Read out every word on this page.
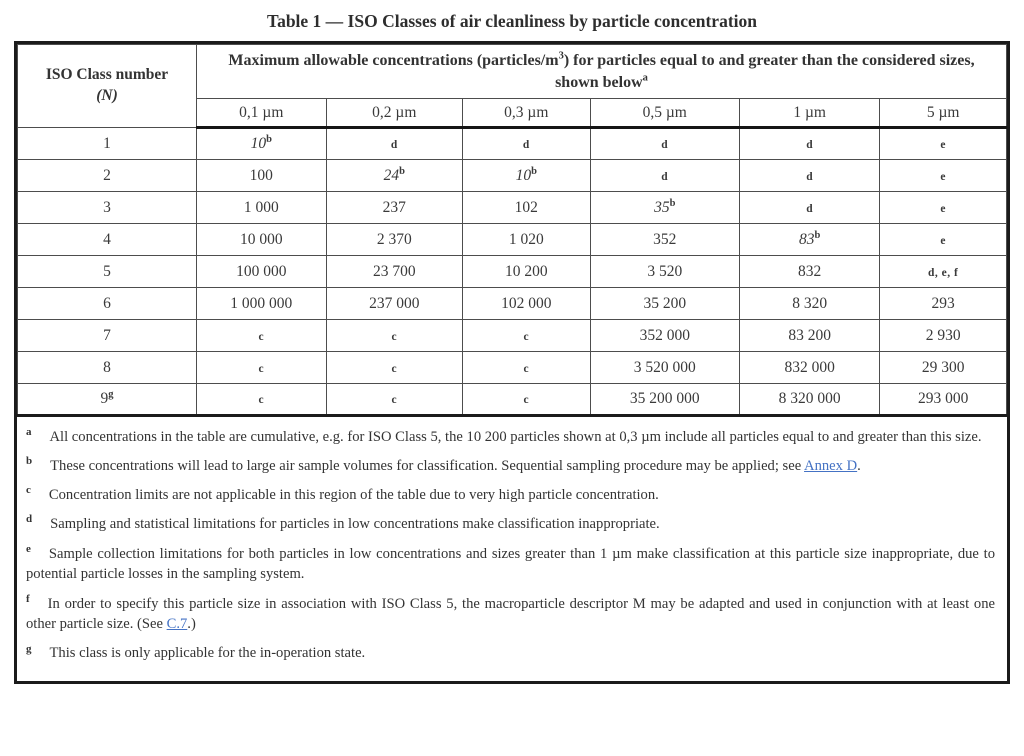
Table 1 — ISO Classes of air cleanliness by particle concentration
ISO Class number
(N)	Maximum allowable concentrations $(particles/m^3)$ for particles equal to and greater than the considered sizes, shown below$^a$
	0,1 µm	0,2 µm	0,3 µm	0,5 µm	1 µm	5 µm
1	10$^b$	d	d	d	d	e
2	100	24$^b$	10$^b$	d	d	e
3	1 000	237	102	35$^b$	d	e
4	10 000	2 370	1 020	352	83$^b$	e
5	100 000	23 700	10 200	3 520	832	d, e, f
6	1 000 000	237 000	102 000	35 200	8 320	293
7	c	c	c	352 000	83 200	2 930
8	c	c	c	3 520 000	832 000	29 300
9$^g$	c	c	c	35 200 000	8 320 000	293 000

$^a$ All concentrations in the table are cumulative, e.g. for ISO Class 5, the 10 200 particles shown at 0,3 µm include all particles equal to and greater than this size.

$^b$ These concentrations will lead to large air sample volumes for classification. Sequential sampling procedure may be applied; see Annex D.

$^c$ Concentration limits are not applicable in this region of the table due to very high particle concentration.

$^d$ Sampling and statistical limitations for particles in low concentrations make classification inappropriate.

$^e$ Sample collection limitations for both particles in low concentrations and sizes greater than 1 µm make classification at this particle size inappropriate, due to potential particle losses in the sampling system.

$^f$ In order to specify this particle size in association with ISO Class 5, the macroparticle descriptor M may be adapted and used in conjunction with at least one other particle size. (See C.7.)

$^g$ This class is only applicable for the in-operation state.
